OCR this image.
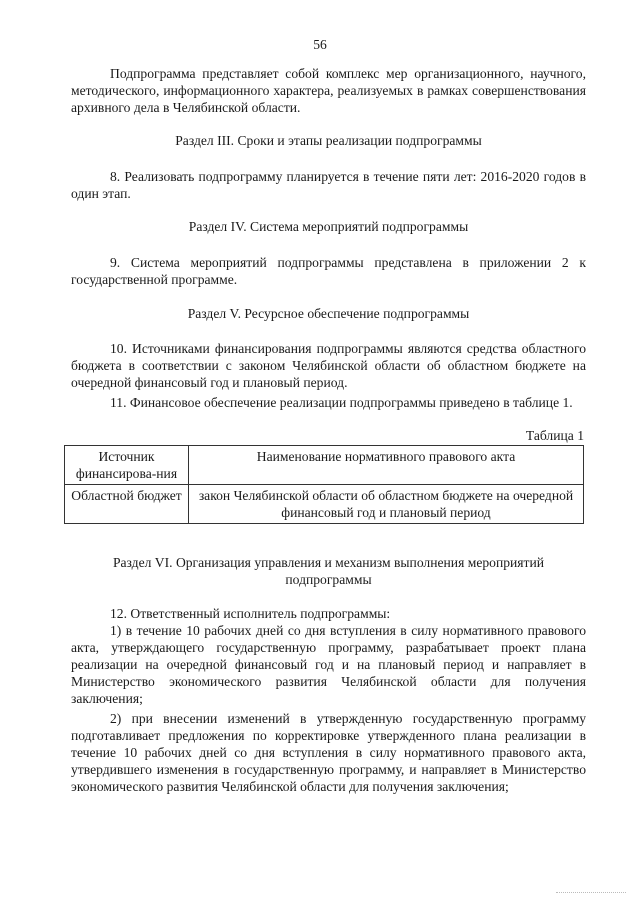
56
Подпрограмма представляет собой комплекс мер организационного, научного, методического, информационного характера, реализуемых в рамках совершенствования архивного дела в Челябинской области.
Раздел III. Сроки и этапы реализации подпрограммы
8. Реализовать подпрограмму планируется в течение пяти лет: 2016-2020 годов в один этап.
Раздел IV. Система мероприятий подпрограммы
9. Система мероприятий подпрограммы представлена в приложении 2 к государственной программе.
Раздел V. Ресурсное обеспечение подпрограммы
10. Источниками финансирования подпрограммы являются средства областного бюджета в соответствии с законом Челябинской области об областном бюджете на очередной финансовый год и плановый период.
11. Финансовое обеспечение реализации подпрограммы приведено в таблице 1.
Таблица 1
Источник финансирова-ния	Наименование нормативного правового акта
Областной бюджет	закон Челябинской области об областном бюджете на очередной финансовый год и плановый период
Раздел VI. Организация управления и механизм выполнения мероприятий
подпрограммы
12. Ответственный исполнитель подпрограммы:
1) в течение 10 рабочих дней со дня вступления в силу нормативного правового акта, утверждающего государственную программу, разрабатывает проект плана реализации на очередной финансовый год и на плановый период и направляет в Министерство экономического развития Челябинской области для получения заключения;
2) при внесении изменений в утвержденную государственную программу подготавливает предложения по корректировке утвержденного плана реализации в течение 10 рабочих дней со дня вступления в силу нормативного правового акта, утвердившего изменения в государственную программу, и направляет в Министерство экономического развития Челябинской области для получения заключения;
